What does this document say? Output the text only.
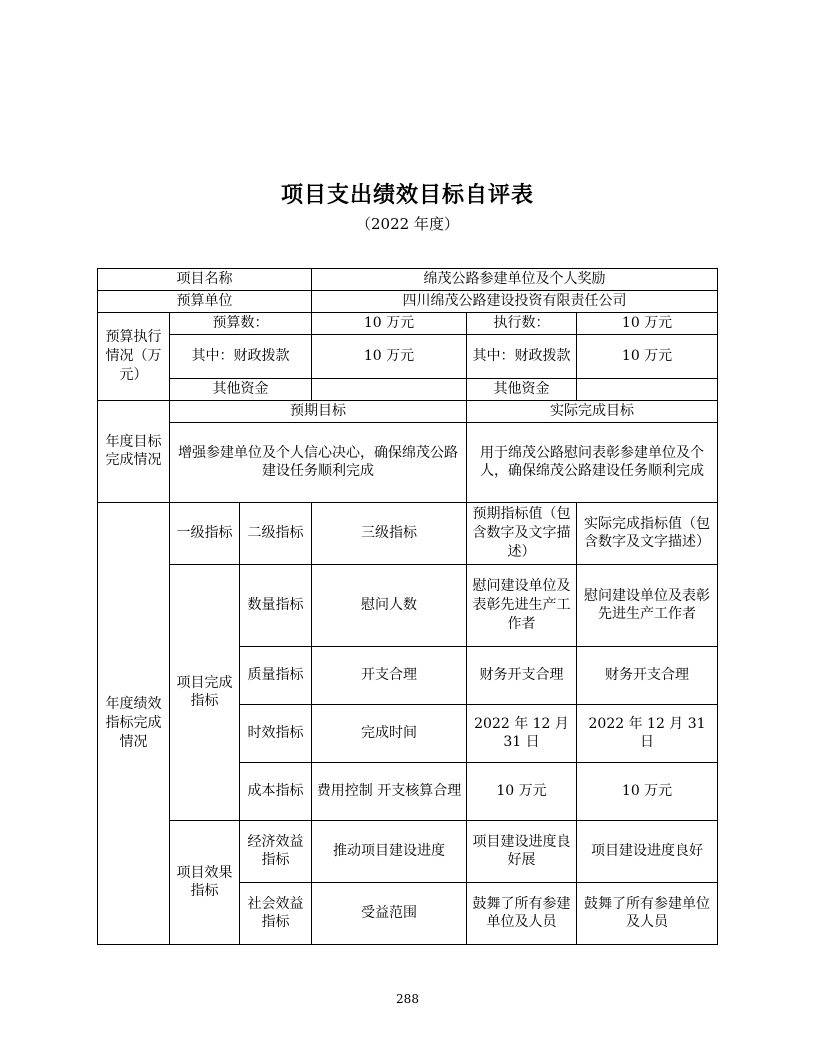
项目支出绩效目标自评表
（2022 年度）
项目名称			绵茂公路参建单位及个人奖励		
预算单位			四川绵茂公路建设投资有限责任公司		
预算执行情况（万元）	预算数：		10 万元	执行数：	10 万元
	其中：财政拨款		10 万元	其中：财政拨款	10 万元
	其他资金			其他资金	
年度目标完成情况	预期目标			实际完成目标	
	增强参建单位及个人信心决心，确保绵茂公路建设任务顺利完成			用于绵茂公路慰问表彰参建单位及个人，确保绵茂公路建设任务顺利完成	
年度绩效指标完成情况	一级指标	二级指标	三级指标	预期指标值（包含数字及文字描述）	实际完成指标值（包含数字及文字描述）
	项目完成指标	数量指标	慰问人数	慰问建设单位及表彰先进生产工作者	慰问建设单位及表彰先进生产工作者
		质量指标	开支合理	财务开支合理	财务开支合理
		时效指标	完成时间	2022 年 12 月 31 日	2022 年 12 月 31 日
		成本指标	费用控制 开支核算合理	10 万元	10 万元
	项目效果指标	经济效益指标	推动项目建设进度	项目建设进度良好展	项目建设进度良好
		社会效益指标	受益范围	鼓舞了所有参建单位及人员	鼓舞了所有参建单位及人员
288
